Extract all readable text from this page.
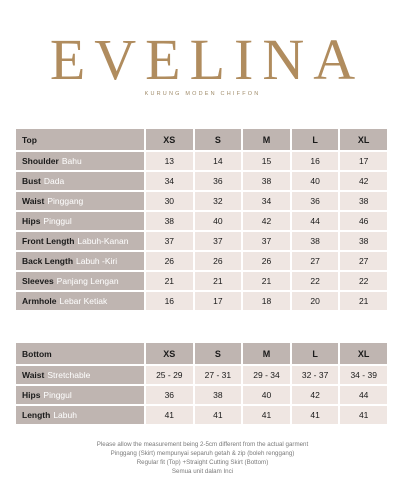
EVELINA
KURUNG MODEN CHIFFON
Top	XS	S	M	L	XL
Shoulder Bahu	13	14	15	16	17
Bust Dada	34	36	38	40	42
Waist Pinggang	30	32	34	36	38
Hips Pinggul	38	40	42	44	46
Front Length Labuh-Kanan	37	37	37	38	38
Back Length Labuh -Kiri	26	26	26	27	27
Sleeves Panjang Lengan	21	21	21	22	22
Armhole Lebar Ketiak	16	17	18	20	21
Bottom	XS	S	M	L	XL
Waist Stretchable	25 - 29	27 - 31	29 - 34	32 - 37	34 - 39
Hips Pinggul	36	38	40	42	44
Length Labuh	41	41	41	41	41
Please allow the measurement being 2-5cm different from the actual garment
Pinggang (Skirt) mempunyai separuh getah & zip (boleh renggang)
Regular fit (Top) +Straight Cutting Skirt (Bottom)
Semua unit dalam Inci
